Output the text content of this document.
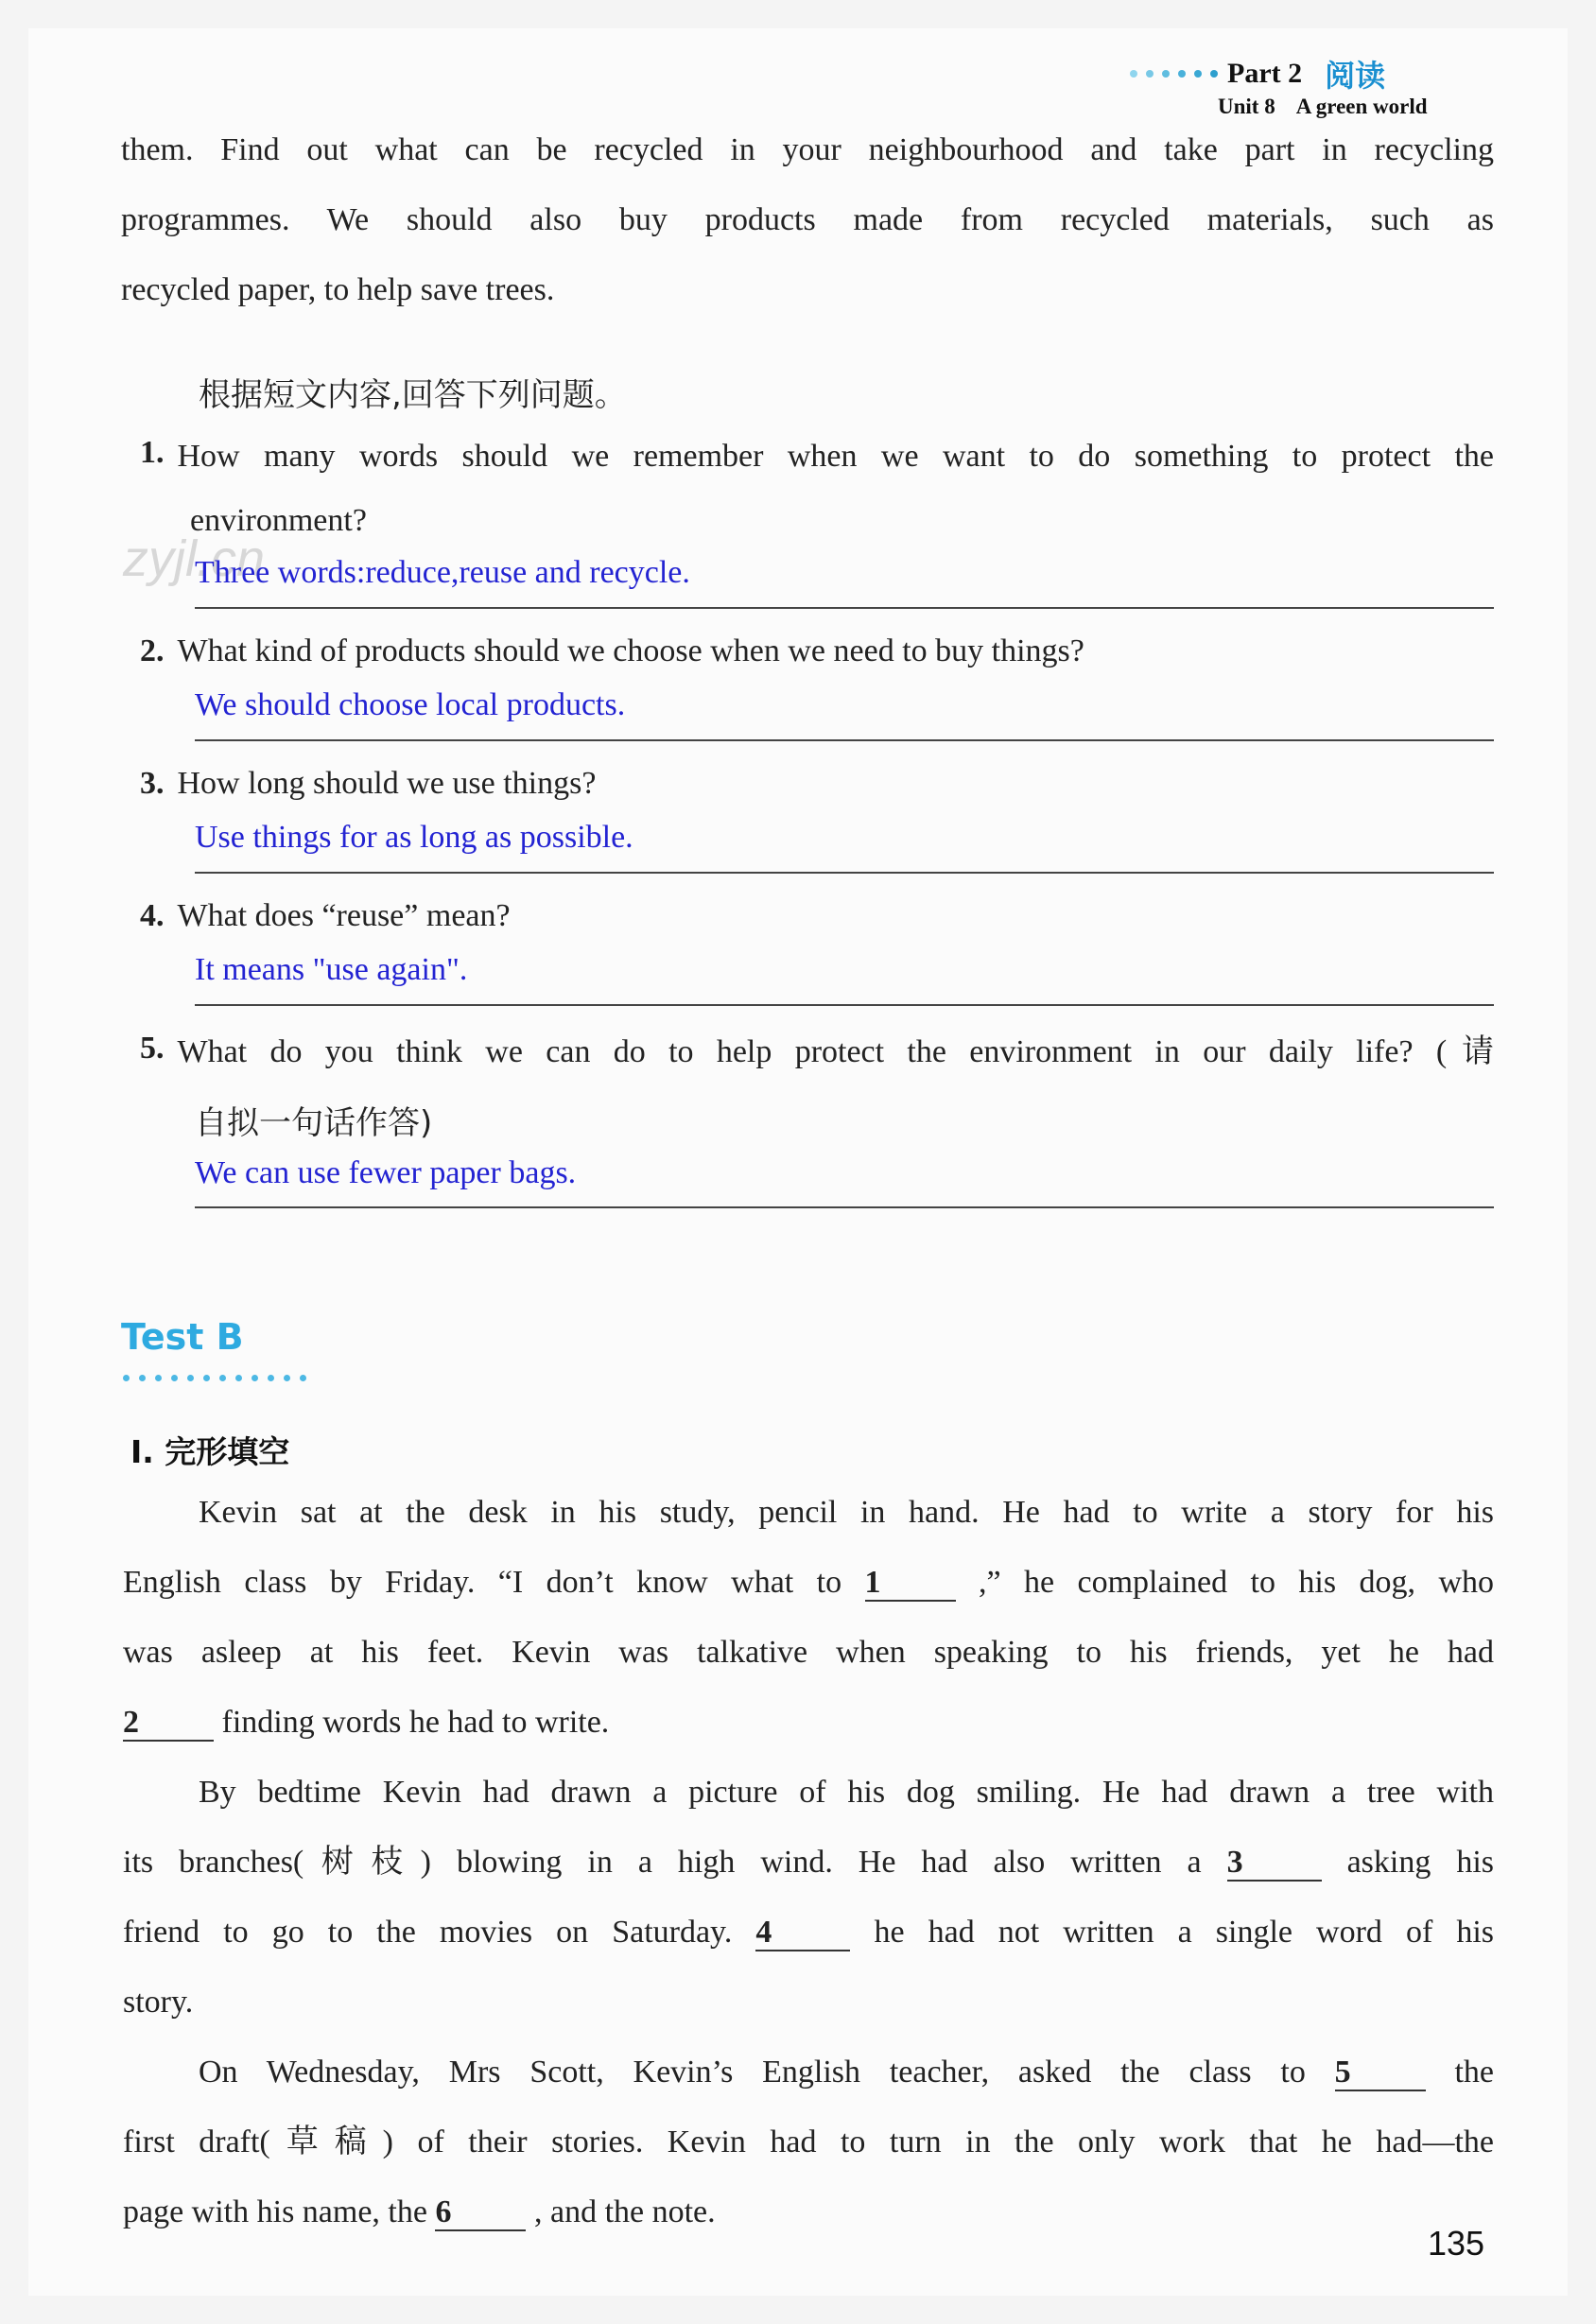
Part 2 阅读
Unit 8 A green world
them. Find out what can be recycled in your neighbourhood and take part in recycling
programmes. We should also buy products made from recycled materials, such as
recycled paper, to help save trees.
根据短文内容,回答下列问题。
1. How many words should we remember when we want to do something to protect the
environment?
zyjl.cn
Three words:reduce,reuse and recycle.
2. What kind of products should we choose when we need to buy things?
We should choose local products.
3. How long should we use things?
Use things for as long as possible.
4. What does “reuse” mean?
It means "use again".
5. What do you think we can do to help protect the environment in our daily life? (请
自拟一句话作答)
We can use fewer paper bags.
Test B
I. 完形填空
Kevin sat at the desk in his study, pencil in hand. He had to write a story for his
English class by Friday. “I don’t know what to 1	,” he complained to his dog, who
was asleep at his feet. Kevin was talkative when speaking to his friends, yet he had
2	finding words he had to write.
By bedtime Kevin had drawn a picture of his dog smiling. He had drawn a tree with
its branches(树枝) blowing in a high wind. He had also written a 3	asking his
friend to go to the movies on Saturday. 4	he had not written a single word of his
story.
On Wednesday, Mrs Scott, Kevin’s English teacher, asked the class to 5	the
first draft(草稿) of their stories. Kevin had to turn in the only work that he had—the
page with his name, the 6	, and the note.
135
